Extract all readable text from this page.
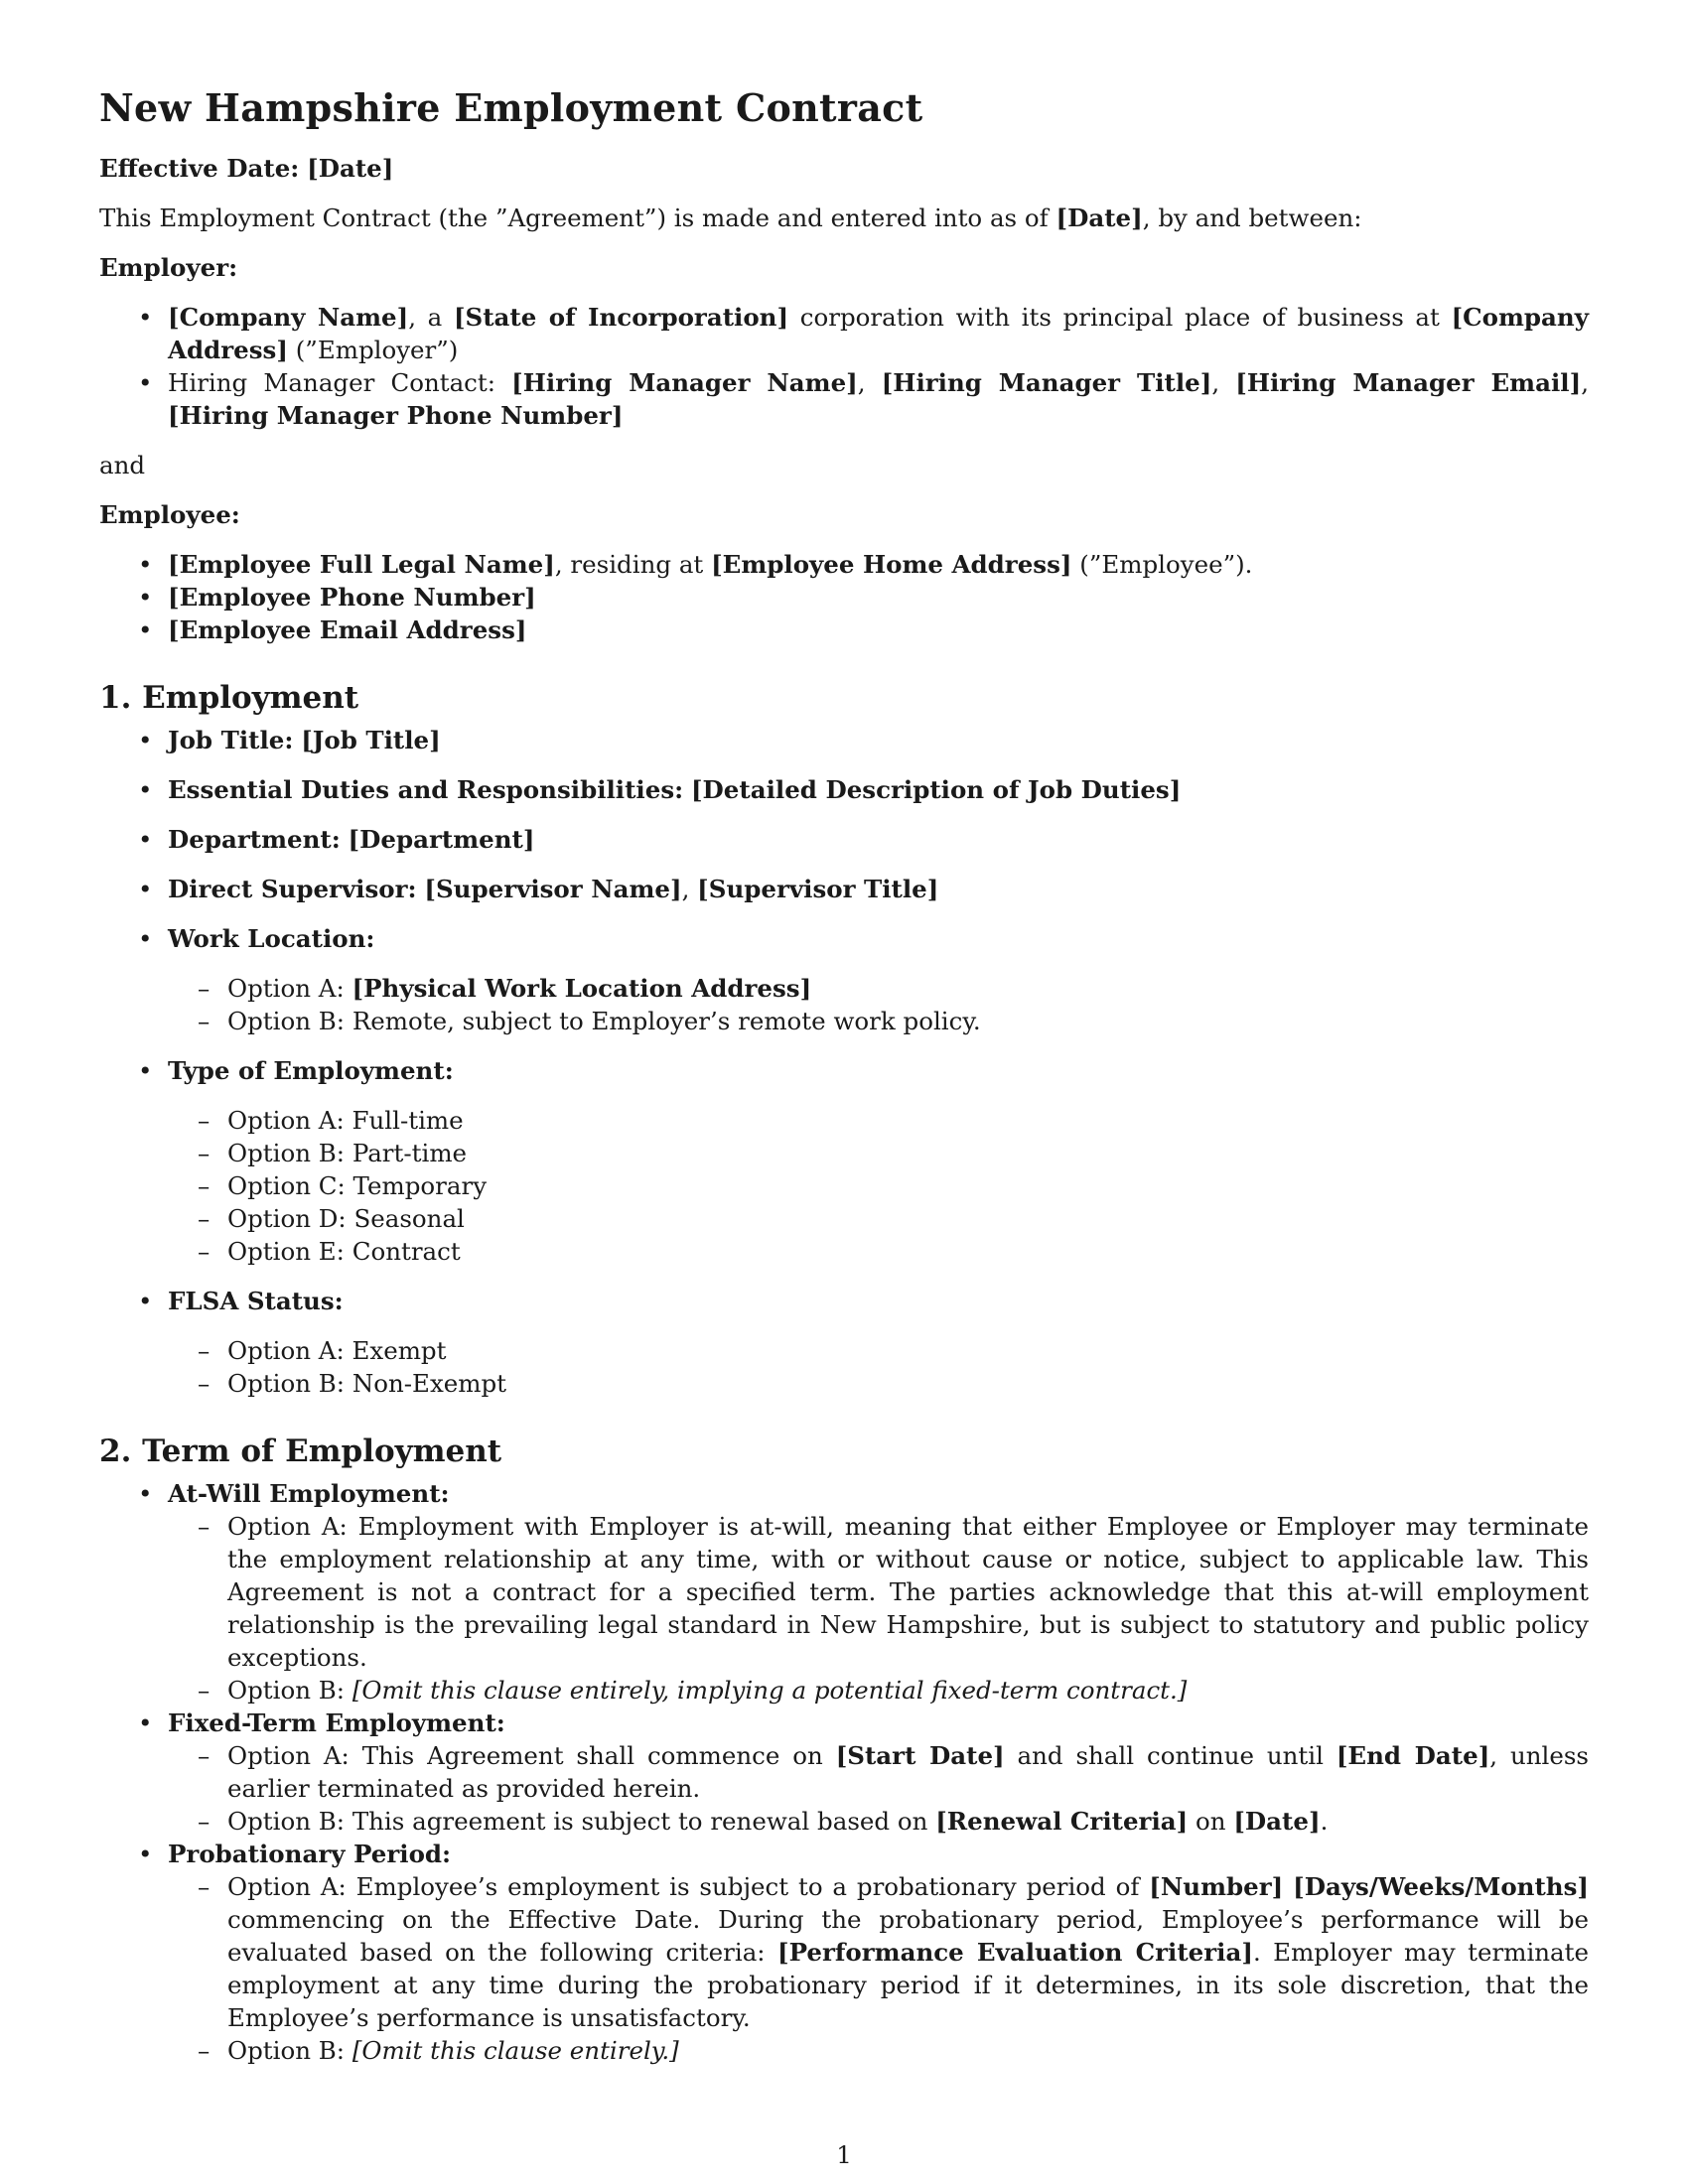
New Hampshire Employment Contract

Effective Date: [Date]

This Employment Contract (the ”Agreement”) is made and entered into as of [Date], by and between:

Employer:

• [Company Name], a [State of Incorporation] corporation with its principal place of business at [Company Address] (”Employer”)
• Hiring Manager Contact: [Hiring Manager Name], [Hiring Manager Title], [Hiring Manager Email], [Hiring Manager Phone Number]

and

Employee:

• [Employee Full Legal Name], residing at [Employee Home Address] (”Employee”).
• [Employee Phone Number]
• [Employee Email Address]
1. Employment
• Job Title: [Job Title]
• Essential Duties and Responsibilities: [Detailed Description of Job Duties]
• Department: [Department]
• Direct Supervisor: [Supervisor Name], [Supervisor Title]
• Work Location:
– Option A: [Physical Work Location Address]
– Option B: Remote, subject to Employer’s remote work policy.
• Type of Employment:
– Option A: Full-time
– Option B: Part-time
– Option C: Temporary
– Option D: Seasonal
– Option E: Contract
• FLSA Status:
– Option A: Exempt
– Option B: Non-Exempt
2. Term of Employment
• At-Will Employment:
– Option A: Employment with Employer is at-will, meaning that either Employee or Employer may terminate the employment relationship at any time, with or without cause or notice, subject to applicable law. This Agreement is not a contract for a specified term. The parties acknowledge that this at-will employment relationship is the prevailing legal standard in New Hampshire, but is subject to statutory and public policy exceptions.
– Option B: [Omit this clause entirely, implying a potential fixed-term contract.]
• Fixed-Term Employment:
– Option A: This Agreement shall commence on [Start Date] and shall continue until [End Date], unless earlier terminated as provided herein.
– Option B: This agreement is subject to renewal based on [Renewal Criteria] on [Date].
• Probationary Period:
– Option A: Employee’s employment is subject to a probationary period of [Number] [Days/Weeks/Months] commencing on the Effective Date. During the probationary period, Employee’s performance will be evaluated based on the following criteria: [Performance Evaluation Criteria]. Employer may terminate employment at any time during the probationary period if it determines, in its sole discretion, that the Employee’s performance is unsatisfactory.
– Option B: [Omit this clause entirely.]
1
